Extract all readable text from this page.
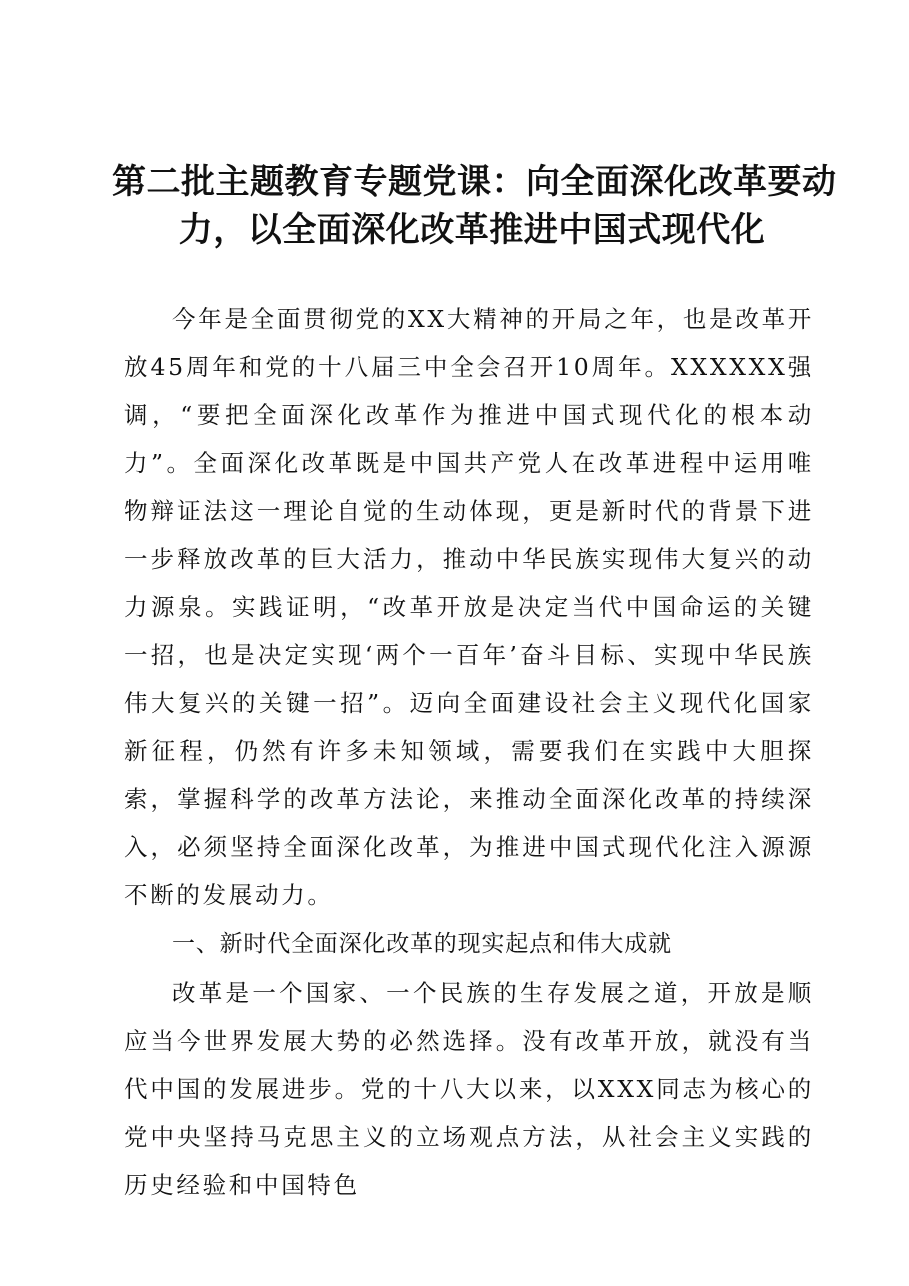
第二批主题教育专题党课：向全面深化改革要动
力，以全面深化改革推进中国式现代化

今年是全面贯彻党的XX大精神的开局之年，也是改革开放45周年和党的十八届三中全会召开10周年。XXXXXX强调，“要把全面深化改革作为推进中国式现代化的根本动力”。全面深化改革既是中国共产党人在改革进程中运用唯物辩证法这一理论自觉的生动体现，更是新时代的背景下进一步释放改革的巨大活力，推动中华民族实现伟大复兴的动力源泉。实践证明，“改革开放是决定当代中国命运的关键一招，也是决定实现‘两个一百年’奋斗目标、实现中华民族伟大复兴的关键一招”。迈向全面建设社会主义现代化国家新征程，仍然有许多未知领域，需要我们在实践中大胆探索，掌握科学的改革方法论，来推动全面深化改革的持续深入，必须坚持全面深化改革，为推进中国式现代化注入源源不断的发展动力。

一、新时代全面深化改革的现实起点和伟大成就

改革是一个国家、一个民族的生存发展之道，开放是顺应当今世界发展大势的必然选择。没有改革开放，就没有当代中国的发展进步。党的十八大以来，以XXX同志为核心的党中央坚持马克思主义的立场观点方法，从社会主义实践的历史经验和中国特色
